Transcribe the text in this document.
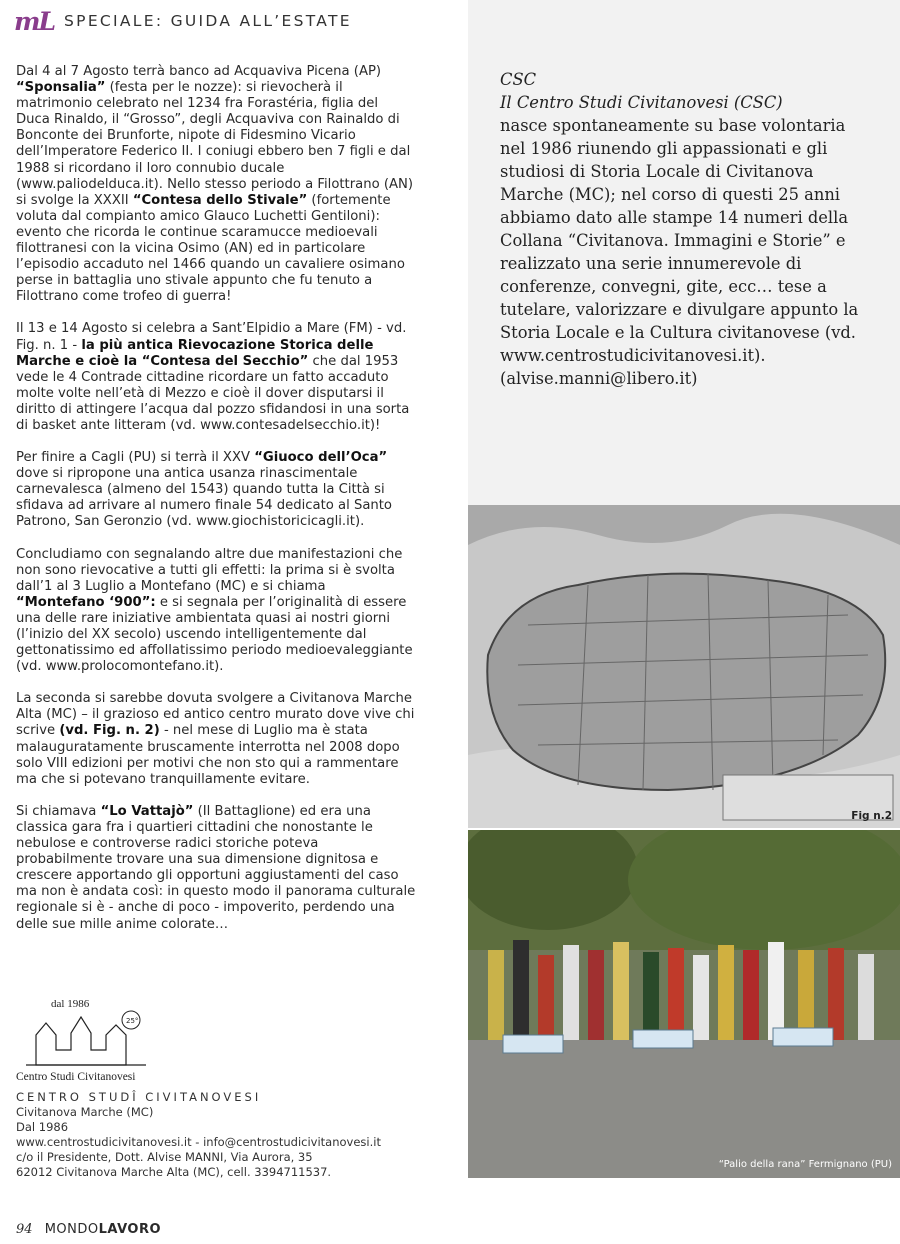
mL SPECIALE: GUIDA ALL’ESTATE

Dal 4 al 7 Agosto terrà banco ad Acquaviva Picena (AP) “Sponsalia” (festa per le nozze): si rievocherà il matrimonio celebrato nel 1234 fra Forastéria, figlia del Duca Rinaldo, il “Grosso”, degli Acquaviva con Rainaldo di Bonconte dei Brunforte, nipote di Fidesmino Vicario dell’Imperatore Federico II. I coniugi ebbero ben 7 figli e dal 1988 si ricordano il loro connubio ducale (www.paliodelduca.it). Nello stesso periodo a Filottrano (AN) si svolge la XXXII “Contesa dello Stivale” (fortemente voluta dal compianto amico Glauco Luchetti Gentiloni): evento che ricorda le continue scaramucce medioevali filottranesi con la vicina Osimo (AN) ed in particolare l’episodio accaduto nel 1466 quando un cavaliere osimano perse in battaglia uno stivale appunto che fu tenuto a Filottrano come trofeo di guerra!

Il 13 e 14 Agosto si celebra a Sant’Elpidio a Mare (FM) - vd. Fig. n. 1 - la più antica Rievocazione Storica delle Marche e cioè la “Contesa del Secchio” che dal 1953 vede le 4 Contrade cittadine ricordare un fatto accaduto molte volte nell’età di Mezzo e cioè il dover disputarsi il diritto di attingere l’acqua dal pozzo sfidandosi in una sorta di basket ante litteram (vd. www.contesadelsecchio.it)!

Per finire a Cagli (PU) si terrà il XXV “Giuoco dell’Oca” dove si ripropone una antica usanza rinascimentale carnevalesca (almeno del 1543) quando tutta la Città si sfidava ad arrivare al numero finale 54 dedicato al Santo Patrono, San Geronzio (vd. www.giochistoricicagli.it).

Concludiamo con segnalando altre due manifestazioni che non sono rievocative a tutti gli effetti: la prima si è svolta dall’1 al 3 Luglio a Montefano (MC) e si chiama “Montefano ‘900”: e si segnala per l’originalità di essere una delle rare iniziative ambientata quasi ai nostri giorni (l’inizio del XX secolo) uscendo intelligentemente dal gettonatissimo ed affollatissimo periodo medioevaleggiante (vd. www.prolocomontefano.it).

La seconda si sarebbe dovuta svolgere a Civitanova Marche Alta (MC) – il grazioso ed antico centro murato dove vive chi scrive (vd. Fig. n. 2) - nel mese di Luglio ma è stata malauguratamente bruscamente interrotta nel 2008 dopo solo VIII edizioni per motivi che non sto qui a rammentare ma che si potevano tranquillamente evitare.

Si chiamava “Lo Vattajò” (Il Battaglione) ed era una classica gara fra i quartieri cittadini che nonostante le nebulose e controverse radici storiche poteva probabilmente trovare una sua dimensione dignitosa e crescere apportando gli opportuni aggiustamenti del caso ma non è andata così: in questo modo il panorama culturale regionale si è - anche di poco - impoverito, perdendo una delle sue mille anime colorate…

CSC
Il Centro Studi Civitanovesi (CSC)
nasce spontaneamente su base volontaria nel 1986 riunendo gli appassionati e gli studiosi di Storia Locale di Civitanova Marche (MC); nel corso di questi 25 anni abbiamo dato alle stampe 14 numeri della Collana “Civitanova. Immagini e Storie” e realizzato una serie innumerevole di conferenze, convegni, gite, ecc… tese a tutelare, valorizzare e divulgare appunto la Storia Locale e la Cultura civitanovese (vd. www.centrostudicivitanovesi.it). (alvise.manni@libero.it)
Fig n.2
“Palio della rana” Fermignano (PU)
dal 1986
25°
Centro Studi Civitanovesi
CENTRO STUDÎ CIVITANOVESI
Civitanova Marche (MC)
Dal 1986
www.centrostudicivitanovesi.it - info@centrostudicivitanovesi.it
c/o il Presidente, Dott. Alvise MANNI, Via Aurora, 35
62012 Civitanova Marche Alta (MC), cell. 3394711537.
94 MONDOLAVORO
